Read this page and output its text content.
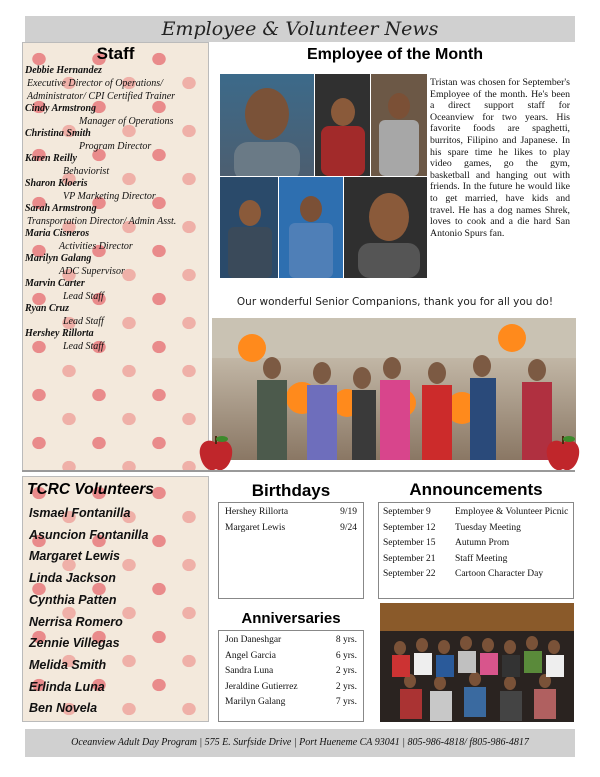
Employee & Volunteer News
Staff
Debbie Hernandez
Executive Director of Operations/
Administrator/ CPI Certified Trainer
Cindy Armstrong
Manager of Operations
Christina Smith
Program Director
Karen Reilly
Behaviorist
Sharon Kloeris
VP Marketing Director
Sarah Armstrong
Transportation Director/ Admin Asst.
Maria Cisneros
Activities Director
Marilyn Galang
ADC Supervisor
Marvin Carter
Lead Staff
Ryan Cruz
Lead Staff
Hershey Rillorta
Lead Staff
Employee of the Month
Tristan was chosen for September's Employee of the month. He's been a direct support staff for Oceanview for two years. His favorite foods are spaghetti, burritos, Filipino and Japanese. In his spare time he likes to play video games, go the gym, basketball and hanging out with friends. In the future he would like to get married, have kids and travel. He has a dog names Shrek, loves to cook and a die hard San Antonio Spurs fan.
Our wonderful Senior Companions, thank you for all you do!
TCRC Volunteers
Ismael Fontanilla
Asuncion Fontanilla
Margaret Lewis
Linda Jackson
Cynthia Patten
Nerrisa Romero
Zennie Villegas
Melida Smith
Erlinda Luna
Ben Novela
Birthdays
Hershey Rillorta	9/19
Margaret Lewis	9/24
Anniversaries
Jon Daneshgar	8 yrs.
Angel Garcia	6 yrs.
Sandra Luna	2 yrs.
Jeraldine Gutierrez	2 yrs.
Marilyn Galang	7 yrs.
Announcements
September 9	Employee & Volunteer Picnic
September 12	Tuesday Meeting
September 15	Autumn Prom
September 21	Staff Meeting
September 22	Cartoon Character Day
Oceanview Adult Day Program | 575 E. Surfside Drive | Port Hueneme CA 93041 | 805-986-4818/ f805-986-4817
